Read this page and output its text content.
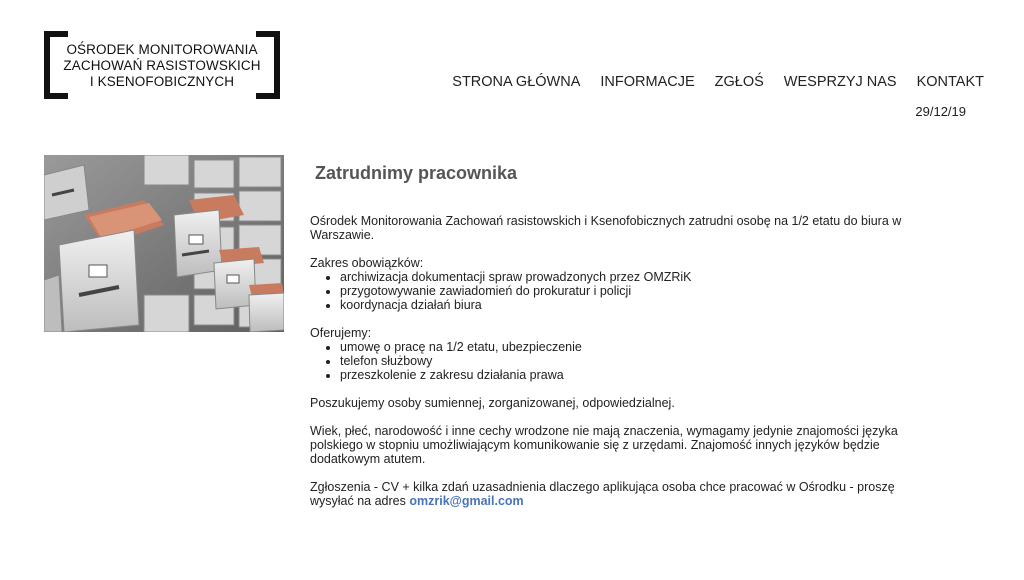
OŚRODEK MONITOROWANIA
ZACHOWAŃ RASISTOWSKICH
I KSENOFOBICZNYCH	STRONA GŁÓWNA INFORMACJE ZGŁOŚ WESPRZYJ NAS KONTAKT
29/12/19
Zatrudnimy pracownika

Ośrodek Monitorowania Zachowań rasistowskich i Ksenofobicznych zatrudni osobę na 1/2 etatu do biura w Warszawie.

Zakres obowiązków:
• archiwizacja dokumentacji spraw prowadzonych przez OMZRiK
• przygotowywanie zawiadomień do prokuratur i policji
• koordynacja działań biura
Oferujemy:
• umowę o pracę na 1/2 etatu, ubezpieczenie
• telefon służbowy
• przeszkolenie z zakresu działania prawa

Poszukujemy osoby sumiennej, zorganizowanej, odpowiedzialnej.

Wiek, płeć, narodowość i inne cechy wrodzone nie mają znaczenia, wymagamy jedynie znajomości języka polskiego w stopniu umożliwiającym komunikowanie się z urzędami. Znajomość innych języków będzie dodatkowym atutem.

Zgłoszenia - CV + kilka zdań uzasadnienia dlaczego aplikująca osoba chce pracować w Ośrodku - proszę wysyłać na adres omzrik@gmail.com
